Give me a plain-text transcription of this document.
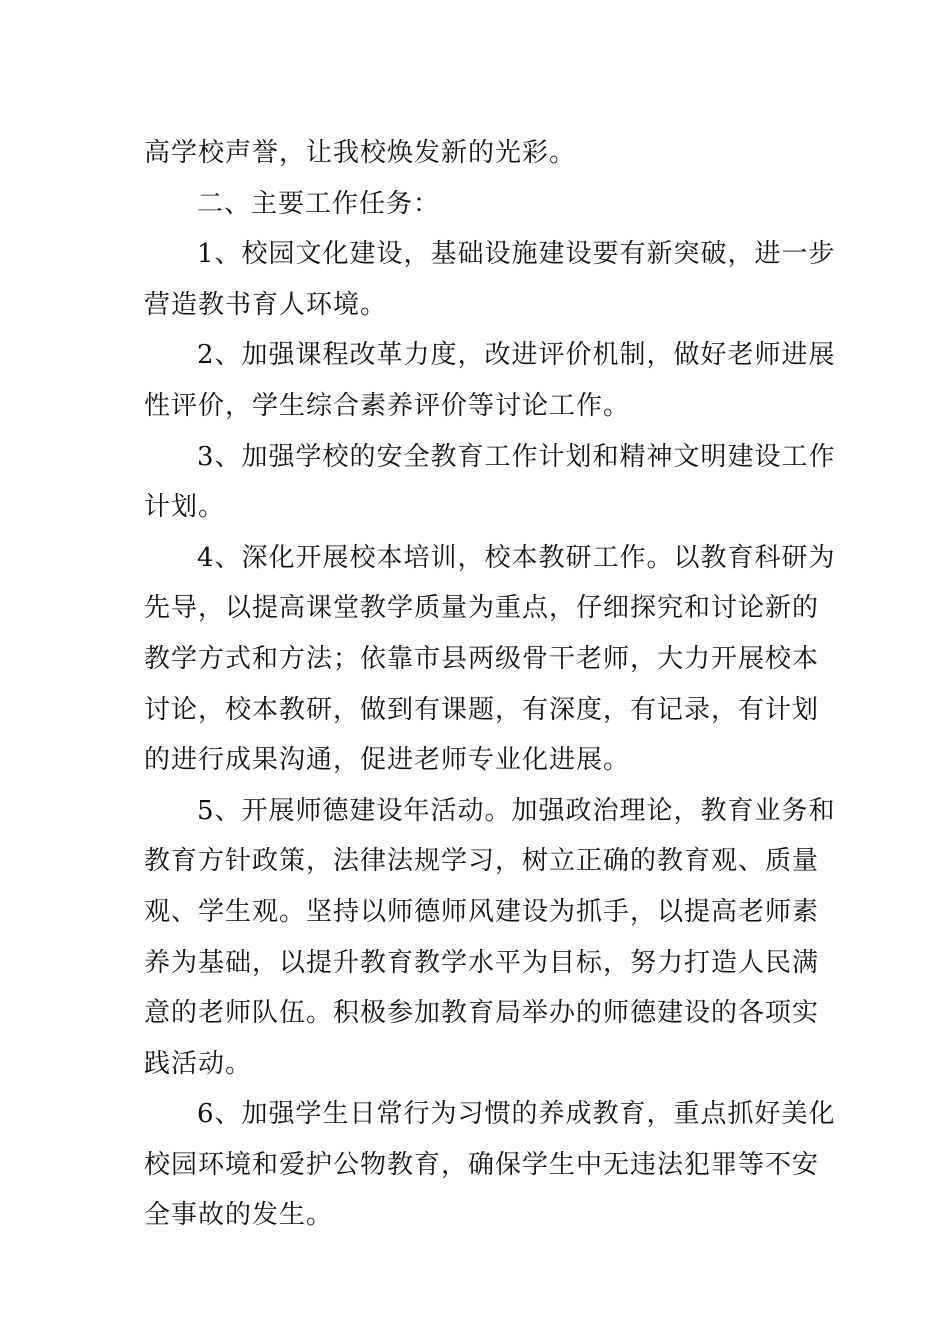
高学校声誉，让我校焕发新的光彩。
二、主要工作任务：
1、校园文化建设，基础设施建设要有新突破，进一步
营造教书育人环境。
2、加强课程改革力度，改进评价机制，做好老师进展
性评价，学生综合素养评价等讨论工作。
3、加强学校的安全教育工作计划和精神文明建设工作
计划。
4、深化开展校本培训，校本教研工作。以教育科研为
先导，以提高课堂教学质量为重点，仔细探究和讨论新的
教学方式和方法；依靠市县两级骨干老师，大力开展校本
讨论，校本教研，做到有课题，有深度，有记录，有计划
的进行成果沟通，促进老师专业化进展。
5、开展师德建设年活动。加强政治理论，教育业务和
教育方针政策，法律法规学习，树立正确的教育观、质量
观、学生观。坚持以师德师风建设为抓手，以提高老师素
养为基础，以提升教育教学水平为目标，努力打造人民满
意的老师队伍。积极参加教育局举办的师德建设的各项实
践活动。
6、加强学生日常行为习惯的养成教育，重点抓好美化
校园环境和爱护公物教育，确保学生中无违法犯罪等不安
全事故的发生。
